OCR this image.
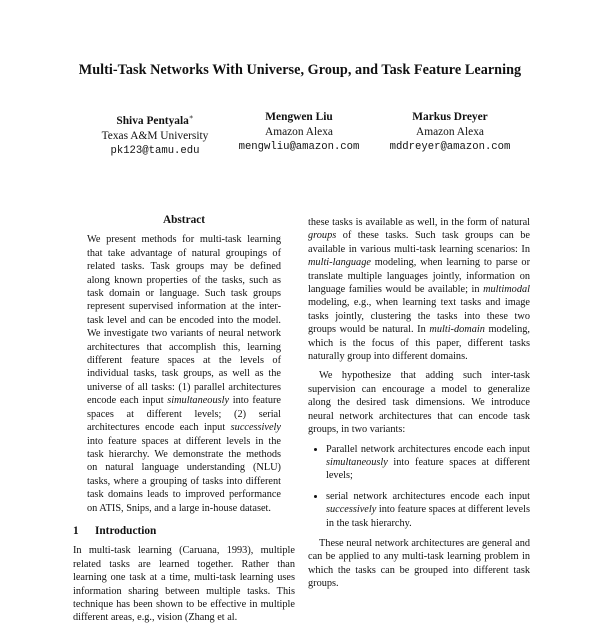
Multi-Task Networks With Universe, Group, and Task Feature Learning
Shiva Pentyala∗
Texas A&M University
pk123@tamu.edu
Mengwen Liu
Amazon Alexa
mengwliu@amazon.com
Markus Dreyer
Amazon Alexa
mddreyer@amazon.com
Abstract

We present methods for multi-task learning that take advantage of natural groupings of related tasks. Task groups may be defined along known properties of the tasks, such as task domain or language. Such task groups represent supervised information at the inter-task level and can be encoded into the model. We investigate two variants of neural network architectures that accomplish this, learning different feature spaces at the levels of individual tasks, task groups, as well as the universe of all tasks: (1) parallel architectures encode each input simultaneously into feature spaces at different levels; (2) serial architectures encode each input successively into feature spaces at different levels in the task hierarchy. We demonstrate the methods on natural language understanding (NLU) tasks, where a grouping of tasks into different task domains leads to improved performance on ATIS, Snips, and a large in-house dataset.

1 Introduction

In multi-task learning (Caruana, 1993), multiple related tasks are learned together. Rather than learning one task at a time, multi-task learning uses information sharing between multiple tasks. This technique has been shown to be effective in multiple different areas, e.g., vision (Zhang et al.

these tasks is available as well, in the form of natural groups of these tasks. Such task groups can be available in various multi-task learning scenarios: In multi-language modeling, when learning to parse or translate multiple languages jointly, information on language families would be available; in multimodal modeling, e.g., when learning text tasks and image tasks jointly, clustering the tasks into these two groups would be natural. In multi-domain modeling, which is the focus of this paper, different tasks naturally group into different domains.

We hypothesize that adding such inter-task supervision can encourage a model to generalize along the desired task dimensions. We introduce neural network architectures that can encode task groups, in two variants:

• Parallel network architectures encode each input simultaneously into feature spaces at different levels;
• serial network architectures encode each input successively into feature spaces at different levels in the task hierarchy.

These neural network architectures are general and can be applied to any multi-task learning problem in which the tasks can be grouped into different task groups.
